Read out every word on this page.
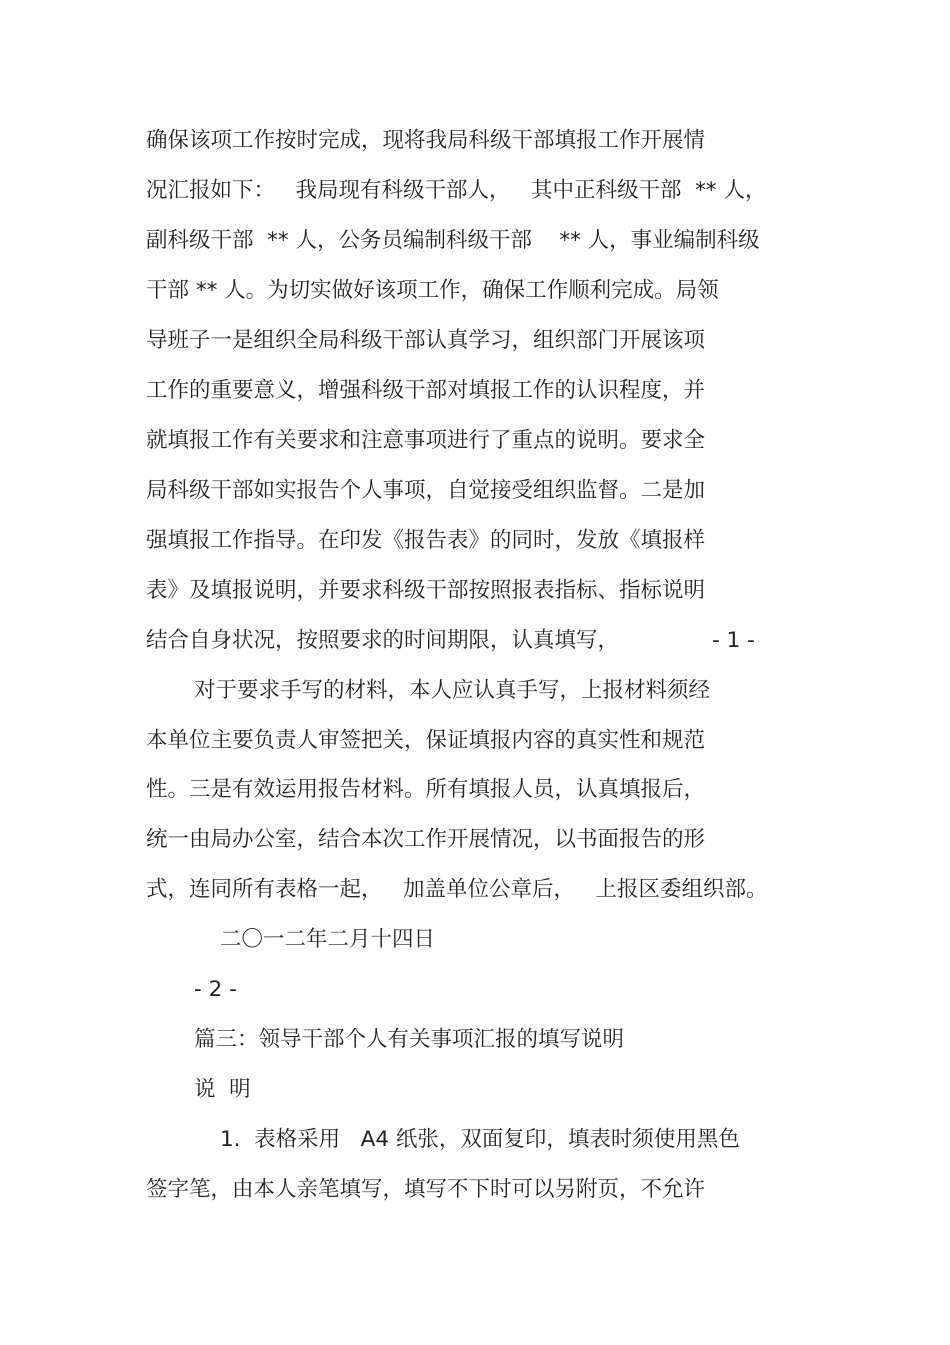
确保该项工作按时完成，现将我局科级干部填报工作开展情

况汇报如下：   我局现有科级干部人，   其中正科级干部  ** 人，

副科级干部  ** 人，公务员编制科级干部    ** 人，事业编制科级

干部 ** 人。为切实做好该项工作，确保工作顺利完成。局领

导班子一是组织全局科级干部认真学习，组织部门开展该项

工作的重要意义，增强科级干部对填报工作的认识程度，并

就填报工作有关要求和注意事项进行了重点的说明。要求全

局科级干部如实报告个人事项，自觉接受组织监督。二是加

强填报工作指导。在印发《报告表》的同时，发放《填报样

表》及填报说明，并要求科级干部按照报表指标、指标说明

结合自身状况，按照要求的时间期限，认真填写，	- 1 -

对于要求手写的材料，本人应认真手写，上报材料须经

本单位主要负责人审签把关，保证填报内容的真实性和规范

性。三是有效运用报告材料。所有填报人员，认真填报后，

统一由局办公室，结合本次工作开展情况，以书面报告的形

式，连同所有表格一起，   加盖单位公章后，   上报区委组织部。

二〇一二年二月十四日

- 2 -

篇三：领导干部个人有关事项汇报的填写说明

说  明

1.  表格采用   A4 纸张，双面复印，填表时须使用黑色

签字笔，由本人亲笔填写，填写不下时可以另附页，不允许
